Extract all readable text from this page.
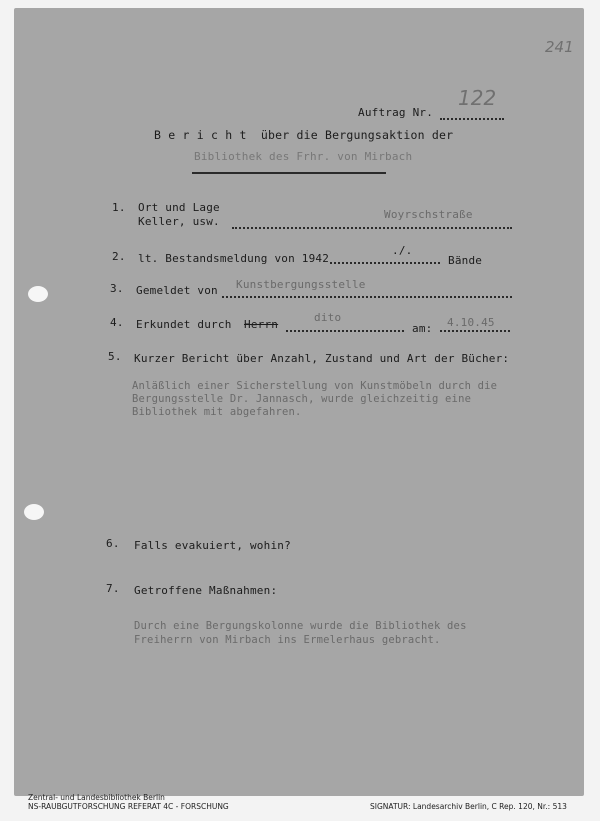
241
122
Auftrag Nr.
B e r i c h t  über die Bergungsaktion der
Bibliothek des Frhr. von Mirbach
1. Ort und Lage
Keller, usw.
Woyrschstraße
2. lt. Bestandsmeldung von 1942
./.
Bände
3. Gemeldet von Kunstbergungsstelle
4. Erkundet durch Herrn
dito
am: 4.10.45
5. Kurzer Bericht über Anzahl, Zustand und Art der Bücher:
Anläßlich einer Sicherstellung von Kunstmöbeln durch die
Bergungsstelle Dr. Jannasch, wurde gleichzeitig eine
Bibliothek mit abgefahren.
6. Falls evakuiert, wohin?
7. Getroffene Maßnahmen:
Durch eine Bergungskolonne wurde die Bibliothek des
Freiherrn von Mirbach ins Ermelerhaus gebracht.
Zentral- und Landesbibliothek Berlin
NS-RAUBGUTFORSCHUNG REFERAT 4C - FORSCHUNG	SIGNATUR: Landesarchiv Berlin, C Rep. 120, Nr.: 513
